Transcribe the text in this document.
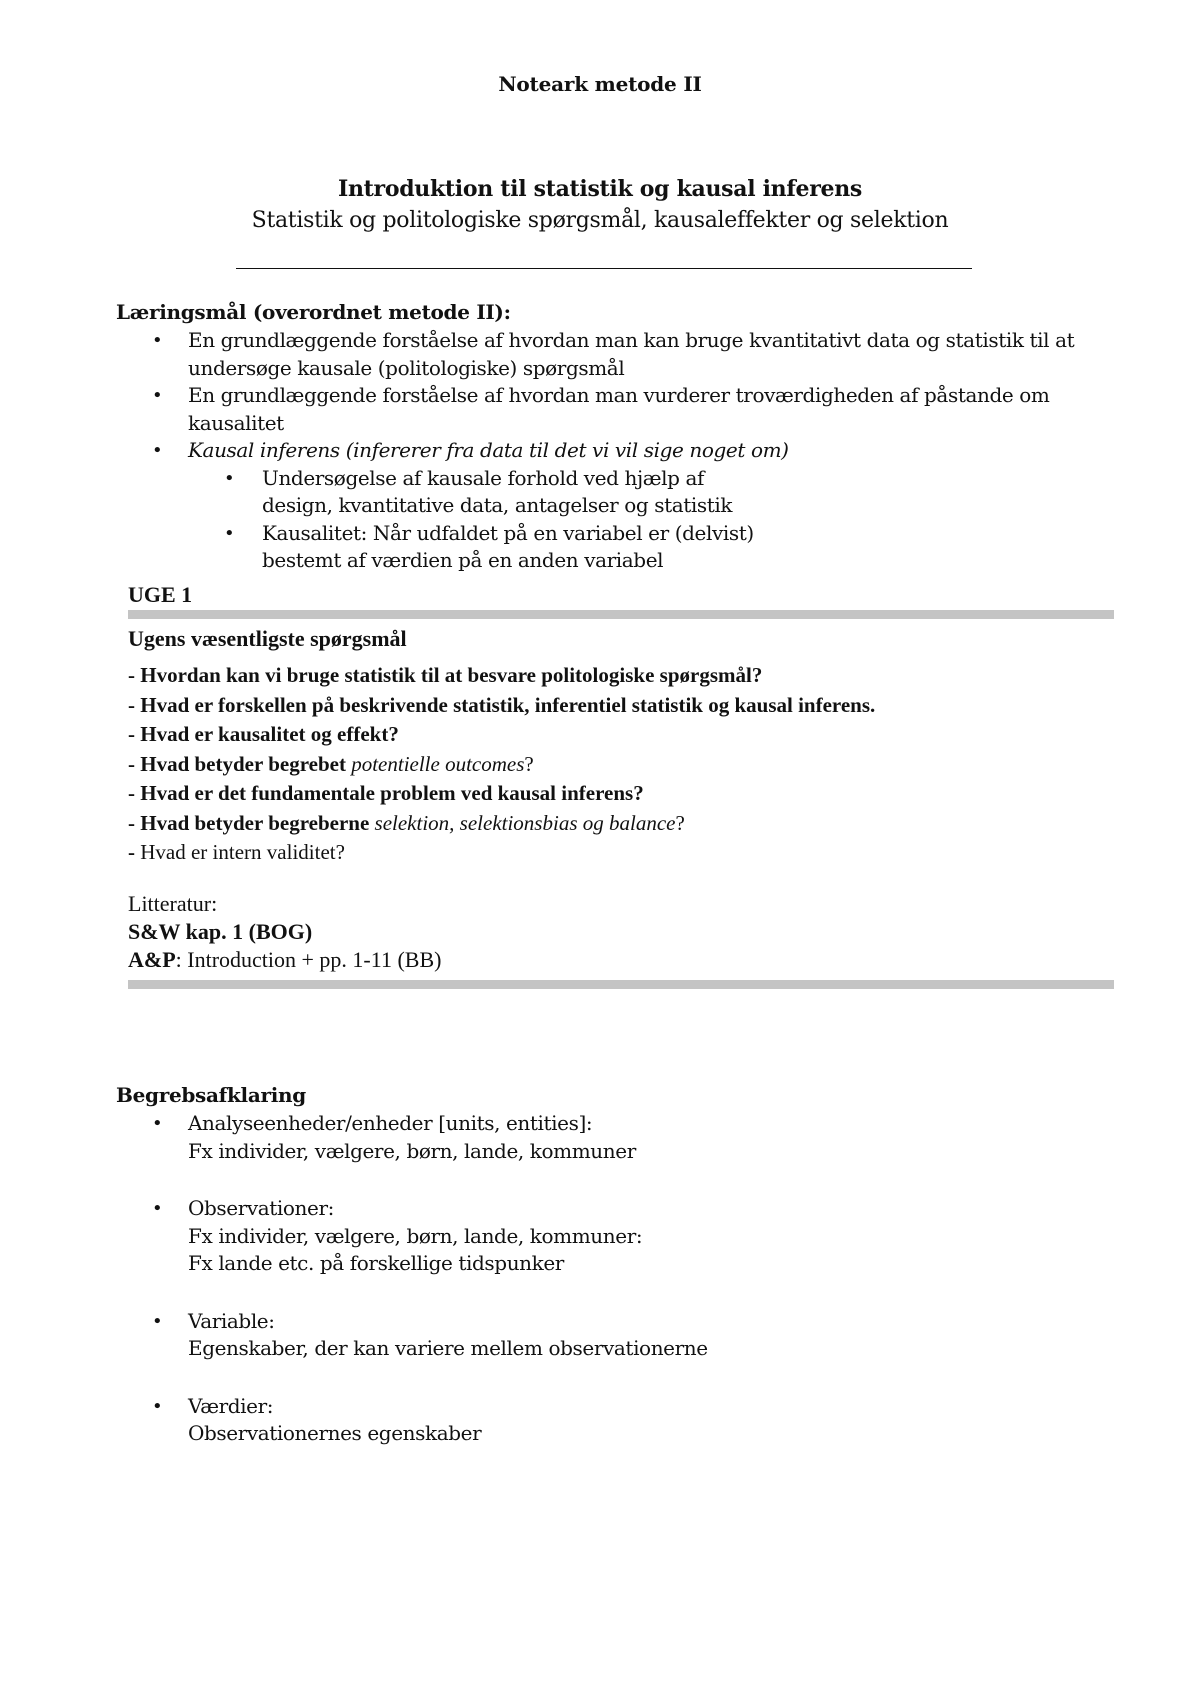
Noteark metode II
Introduktion til statistik og kausal inferens
Statistik og politologiske spørgsmål, kausaleffekter og selektion
Læringsmål (overordnet metode II):
• En grundlæggende forståelse af hvordan man kan bruge kvantitativt data og statistik til at
undersøge kausale (politologiske) spørgsmål
• En grundlæggende forståelse af hvordan man vurderer troværdigheden af påstande om
kausalitet
• Kausal inferens (infererer fra data til det vi vil sige noget om)
• Undersøgelse af kausale forhold ved hjælp af
design, kvantitative data, antagelser og statistik
• Kausalitet: Når udfaldet på en variabel er (delvist)
bestemt af værdien på en anden variabel
UGE 1
Ugens væsentligste spørgsmål
- Hvordan kan vi bruge statistik til at besvare politologiske spørgsmål?
- Hvad er forskellen på beskrivende statistik, inferentiel statistik og kausal inferens.
- Hvad er kausalitet og effekt?
- Hvad betyder begrebet potentielle outcomes?
- Hvad er det fundamentale problem ved kausal inferens?
- Hvad betyder begreberne selektion, selektionsbias og balance?
- Hvad er intern validitet?
Litteratur:
S&W kap. 1 (BOG)
A&P: Introduction + pp. 1-11 (BB)
Begrebsafklaring
• Analyseenheder/enheder [units, entities]:
Fx individer, vælgere, børn, lande, kommuner
• Observationer:
Fx individer, vælgere, børn, lande, kommuner:
Fx lande etc. på forskellige tidspunker
• Variable:
Egenskaber, der kan variere mellem observationerne
• Værdier:
Observationernes egenskaber
